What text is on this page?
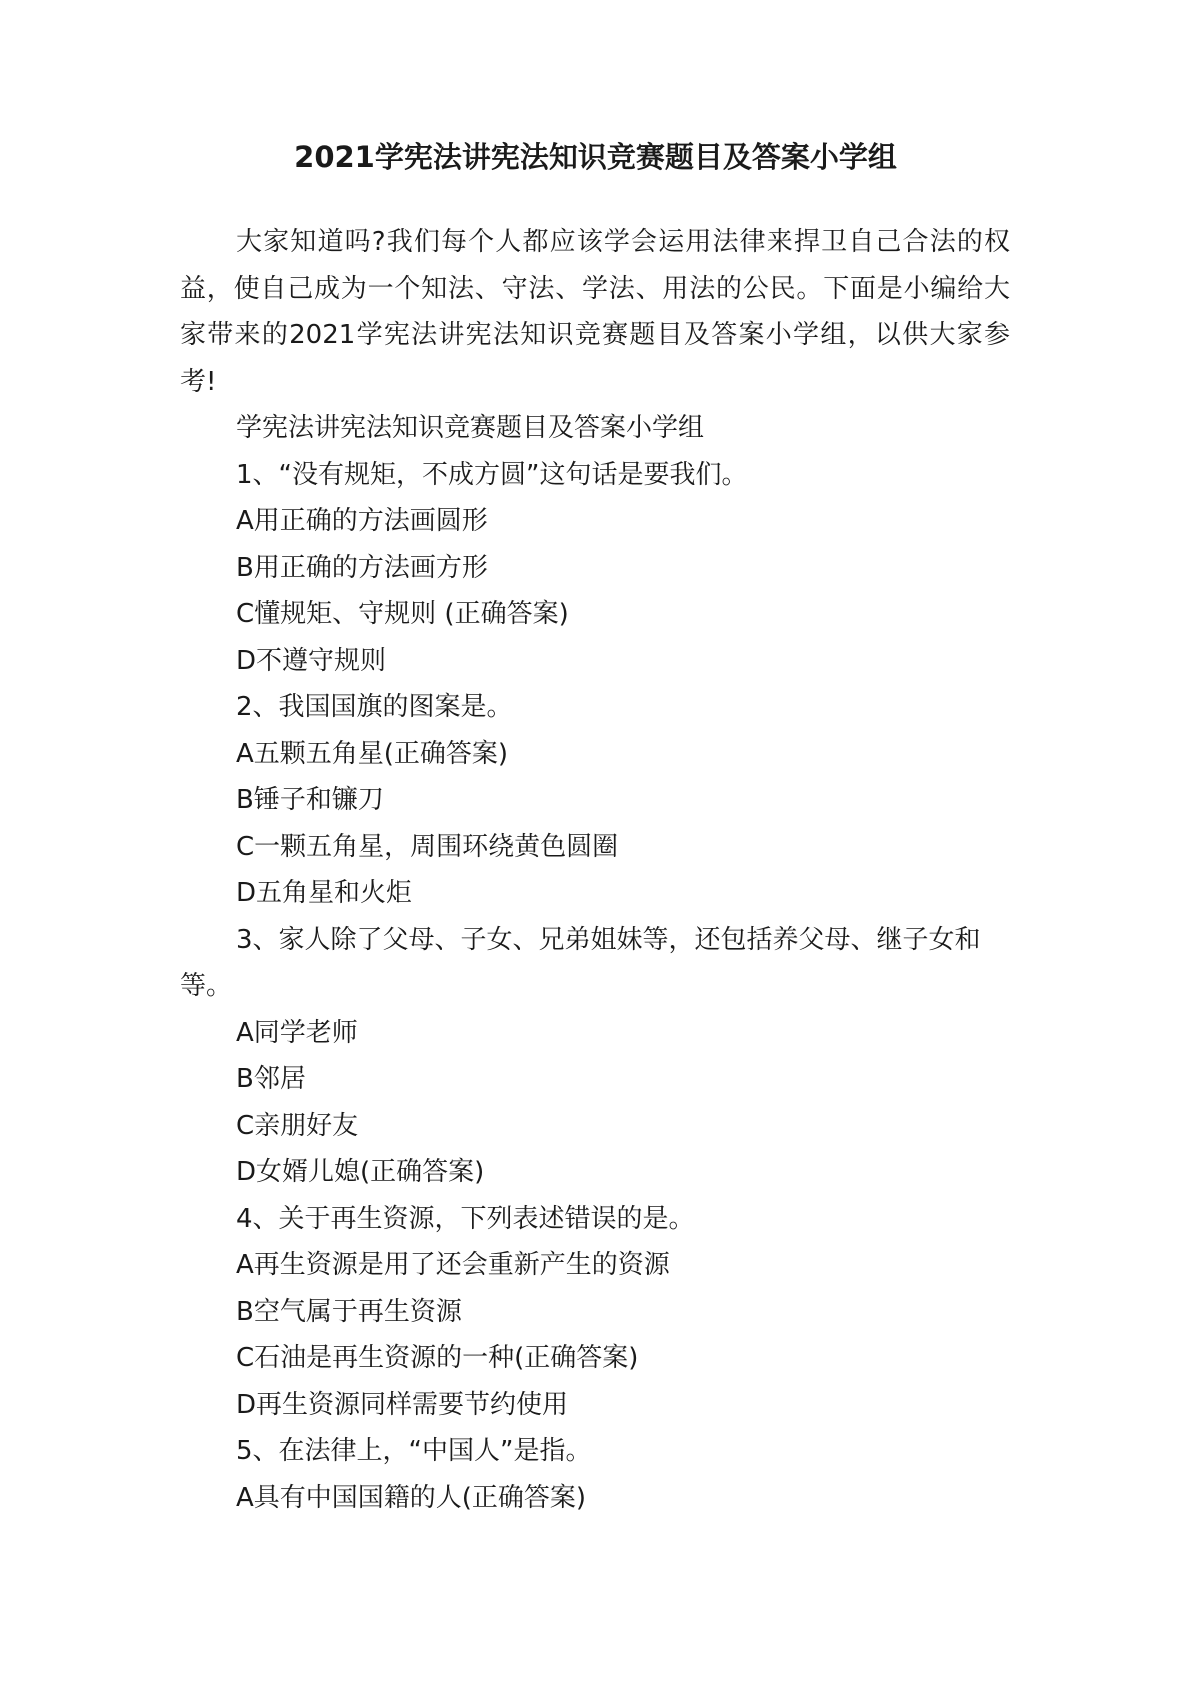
2021学宪法讲宪法知识竞赛题目及答案小学组

大家知道吗?我们每个人都应该学会运用法律来捍卫自己合法的权益，使自己成为一个知法、守法、学法、用法的公民。下面是小编给大家带来的2021学宪法讲宪法知识竞赛题目及答案小学组，以供大家参考!

学宪法讲宪法知识竞赛题目及答案小学组

1、“没有规矩，不成方圆”这句话是要我们。

A用正确的方法画圆形

B用正确的方法画方形

C懂规矩、守规则 (正确答案)

D不遵守规则

2、我国国旗的图案是。

A五颗五角星(正确答案)

B锤子和镰刀

C一颗五角星，周围环绕黄色圆圈

D五角星和火炬

3、家人除了父母、子女、兄弟姐妹等，还包括养父母、继子女和等。

A同学老师

B邻居

C亲朋好友

D女婿儿媳(正确答案)

4、关于再生资源，下列表述错误的是。

A再生资源是用了还会重新产生的资源

B空气属于再生资源

C石油是再生资源的一种(正确答案)

D再生资源同样需要节约使用

5、在法律上，“中国人”是指。

A具有中国国籍的人(正确答案)
